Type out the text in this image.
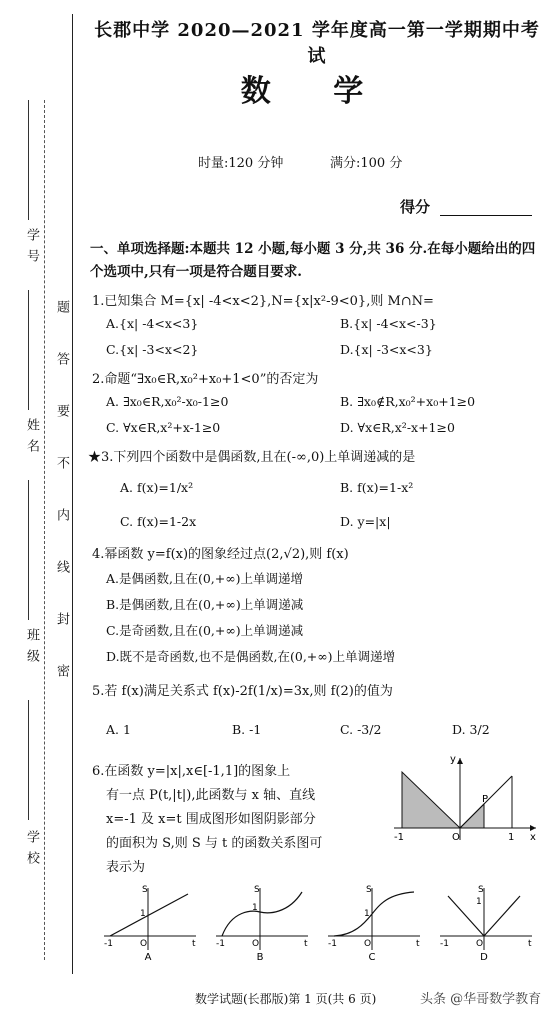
学 号
姓 名
班 级
学 校
题
答
要
不
内
线
封
密
长郡中学 2020—2021 学年度高一第一学期期中考试
数 学
时量:120 分钟	满分:100 分
得分
一、单项选择题:本题共 12 小题,每小题 3 分,共 36 分.在每小题给出的四个选项中,只有一项是符合题目要求.
1.已知集合 M={x| -4<x<2},N={x|x²-9<0},则 M∩N=
A.{x| -4<x<3}	B.{x| -4<x<-3}
C.{x| -3<x<2}	D.{x| -3<x<3}
2.命题“∃x₀∈R,x₀²+x₀+1<0”的否定为
A. ∃x₀∈R,x₀²-x₀-1≥0	B. ∃x₀∉R,x₀²+x₀+1≥0
C. ∀x∈R,x²+x-1≥0	D. ∀x∈R,x²-x+1≥0
★3.下列四个函数中是偶函数,且在(-∞,0)上单调递减的是
A. f(x)=1/x²	B. f(x)=1-x²
C. f(x)=1-2x	D. y=|x|
4.幂函数 y=f(x)的图象经过点(2,√2),则 f(x)
A.是偶函数,且在(0,+∞)上单调递增
B.是偶函数,且在(0,+∞)上单调递减
C.是奇函数,且在(0,+∞)上单调递减
D.既不是奇函数,也不是偶函数,在(0,+∞)上单调递增
5.若 f(x)满足关系式 f(x)-2f(1/x)=3x,则 f(2)的值为
A. 1	B. -1	C. -3/2	D. 3/2
6.在函数 y=|x|,x∈[-1,1]的图象上
有一点 P(t,|t|),此函数与 x 轴、直线
x=-1 及 x=t 围成图形如图阴影部分
的面积为 S,则 S 与 t 的函数关系图可
表示为
y
x
O
P
-1	1
S
t
O
1
-1
A
S
t
O
1
-1
B
S
t
O
1
-1
C
S
t
O
1
-1
D
数学试题(长郡版)第 1 页(共 6 页)	头条 @华哥数学教育
